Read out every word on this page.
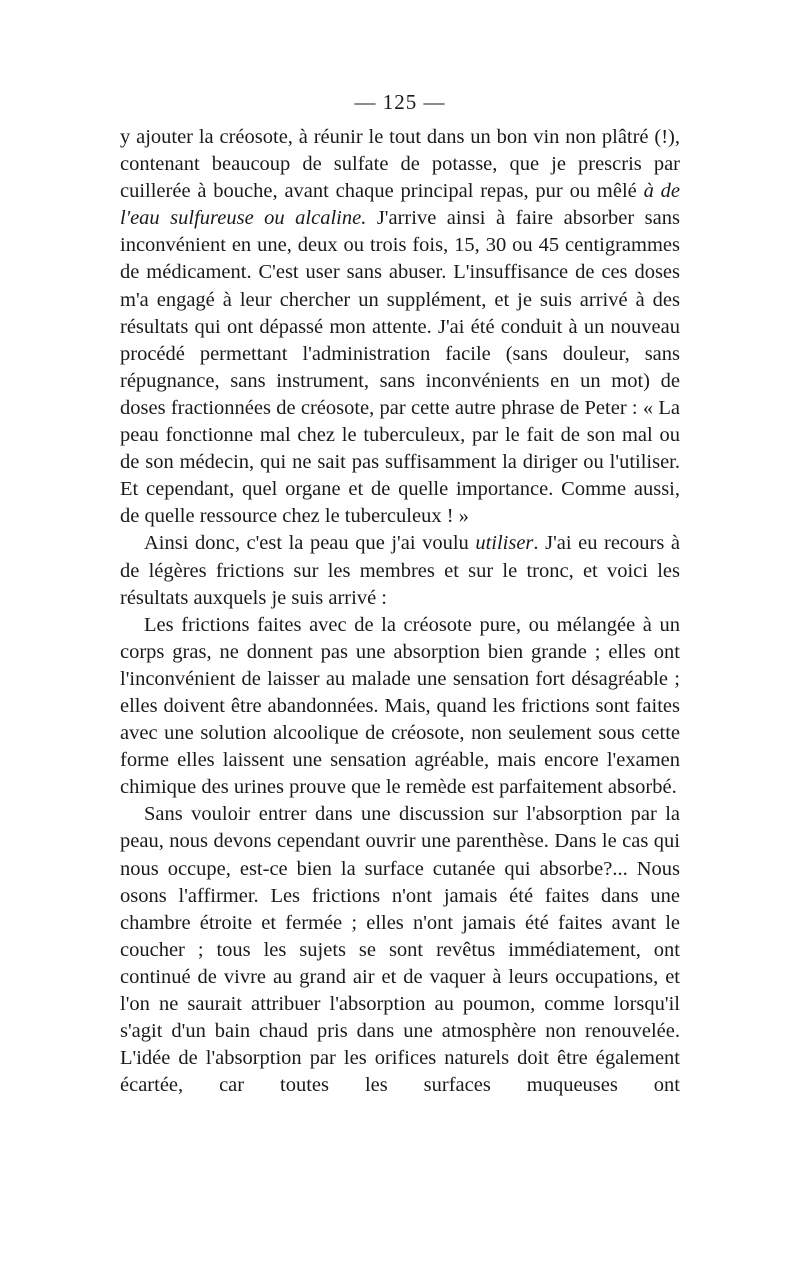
— 125 —

y ajouter la créosote, à réunir le tout dans un bon vin non plâtré (!), contenant beaucoup de sulfate de potasse, que je prescris par cuillerée à bouche, avant chaque principal repas, pur ou mêlé à de l'eau sulfureuse ou alcaline. J'arrive ainsi à faire absorber sans inconvénient en une, deux ou trois fois, 15, 30 ou 45 centigrammes de médicament. C'est user sans abuser. L'insuffisance de ces doses m'a engagé à leur chercher un supplément, et je suis arrivé à des résultats qui ont dépassé mon attente. J'ai été conduit à un nouveau procédé permettant l'administration facile (sans douleur, sans répugnance, sans instrument, sans inconvénients en un mot) de doses fractionnées de créosote, par cette autre phrase de Peter : « La peau fonctionne mal chez le tuberculeux, par le fait de son mal ou de son médecin, qui ne sait pas suffisamment la diriger ou l'utiliser. Et cependant, quel organe et de quelle importance. Comme aussi, de quelle ressource chez le tuberculeux ! »

Ainsi donc, c'est la peau que j'ai voulu utiliser. J'ai eu recours à de légères frictions sur les membres et sur le tronc, et voici les résultats auxquels je suis arrivé :

Les frictions faites avec de la créosote pure, ou mélangée à un corps gras, ne donnent pas une absorption bien grande ; elles ont l'inconvénient de laisser au malade une sensation fort désagréable ; elles doivent être abandonnées. Mais, quand les frictions sont faites avec une solution alcoolique de créosote, non seulement sous cette forme elles laissent une sensation agréable, mais encore l'examen chimique des urines prouve que le remède est parfaitement absorbé.

Sans vouloir entrer dans une discussion sur l'absorption par la peau, nous devons cependant ouvrir une parenthèse. Dans le cas qui nous occupe, est-ce bien la surface cutanée qui absorbe?... Nous osons l'affirmer. Les frictions n'ont jamais été faites dans une chambre étroite et fermée ; elles n'ont jamais été faites avant le coucher ; tous les sujets se sont revêtus immédiatement, ont continué de vivre au grand air et de vaquer à leurs occupations, et l'on ne saurait attribuer l'absorption au poumon, comme lorsqu'il s'agit d'un bain chaud pris dans une atmosphère non renouvelée. L'idée de l'absorption par les orifices naturels doit être également écartée, car toutes les surfaces muqueuses ont
